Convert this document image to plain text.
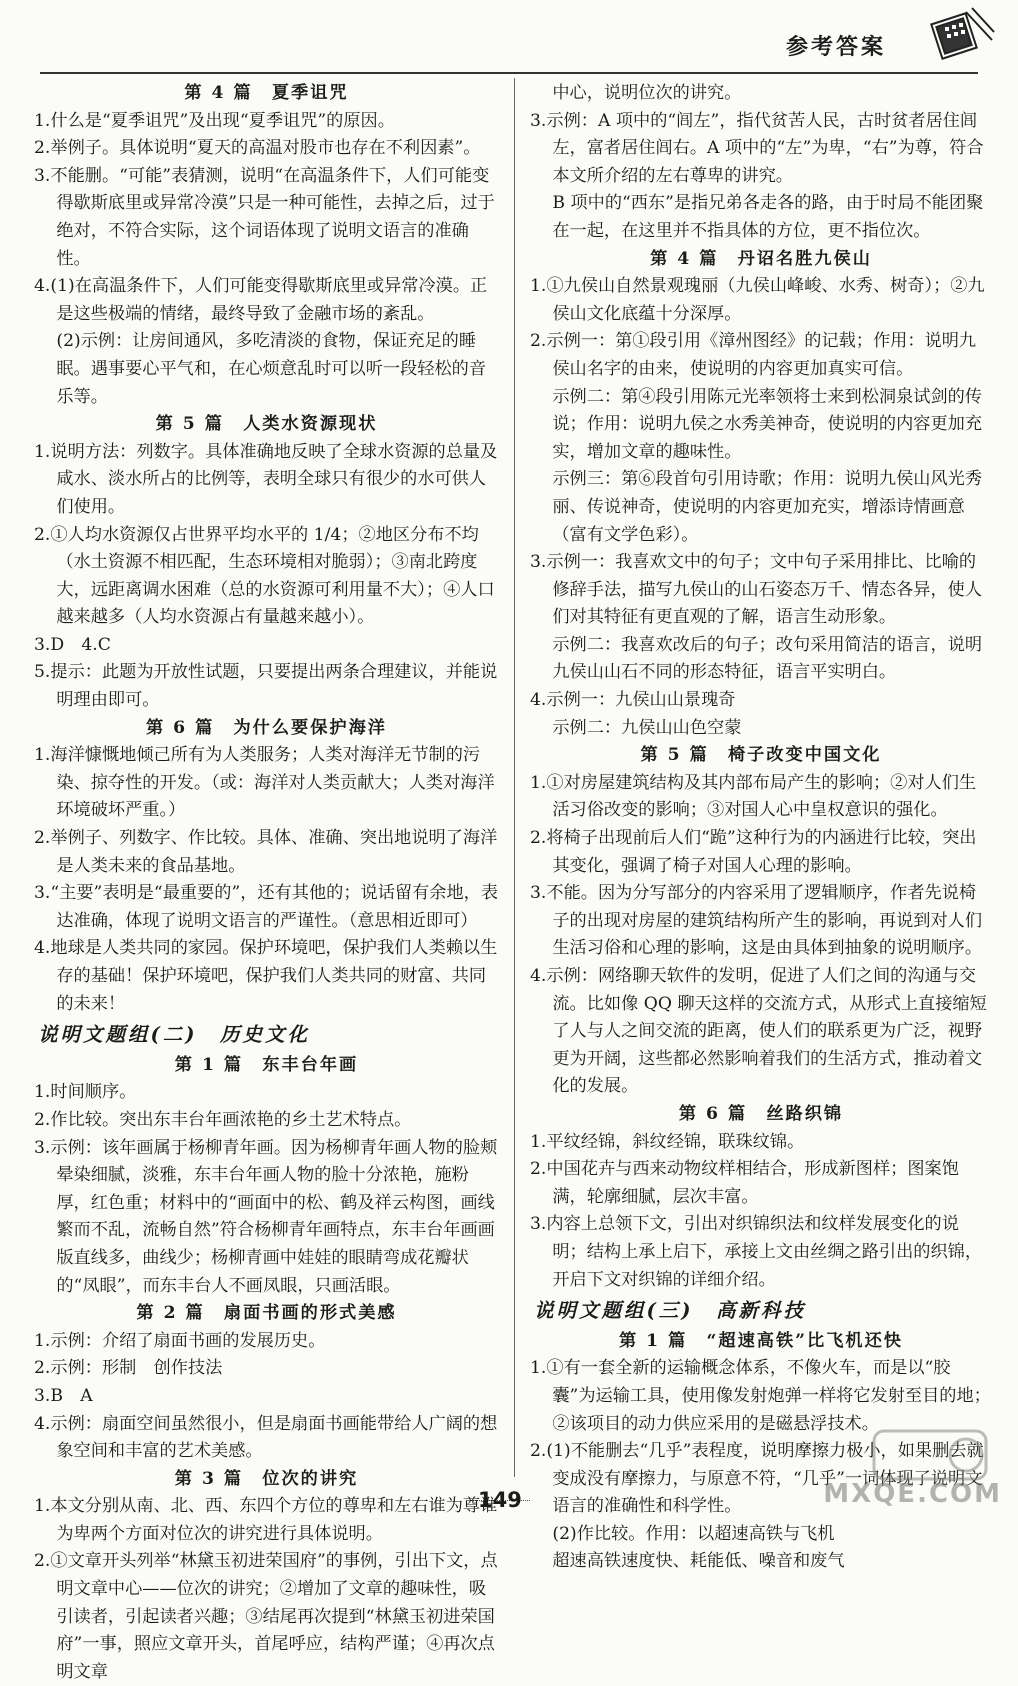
参考答案

第 4 篇　夏季诅咒

1.什么是“夏季诅咒”及出现“夏季诅咒”的原因。

2.举例子。具体说明“夏天的高温对股市也存在不利因素”。

3.不能删。“可能”表猜测，说明“在高温条件下，人们可能变得歇斯底里或异常冷漠”只是一种可能性，去掉之后，过于绝对，不符合实际，这个词语体现了说明文语言的准确性。

4.(1)在高温条件下，人们可能变得歇斯底里或异常冷漠。正是这些极端的情绪，最终导致了金融市场的紊乱。

(2)示例：让房间通风，多吃清淡的食物，保证充足的睡眠。遇事要心平气和，在心烦意乱时可以听一段轻松的音乐等。

第 5 篇　人类水资源现状

1.说明方法：列数字。具体准确地反映了全球水资源的总量及咸水、淡水所占的比例等，表明全球只有很少的水可供人们使用。

2.①人均水资源仅占世界平均水平的 1/4；②地区分布不均（水土资源不相匹配，生态环境相对脆弱）；③南北跨度大，远距离调水困难（总的水资源可利用量不大）；④人口越来越多（人均水资源占有量越来越小）。

3.D　4.C

5.提示：此题为开放性试题，只要提出两条合理建议，并能说明理由即可。

第 6 篇　为什么要保护海洋

1.海洋慷慨地倾己所有为人类服务；人类对海洋无节制的污染、掠夺性的开发。（或：海洋对人类贡献大；人类对海洋环境破坏严重。）

2.举例子、列数字、作比较。具体、准确、突出地说明了海洋是人类未来的食品基地。

3.“主要”表明是“最重要的”，还有其他的；说话留有余地，表达准确，体现了说明文语言的严谨性。（意思相近即可）

4.地球是人类共同的家园。保护环境吧，保护我们人类赖以生存的基础！保护环境吧，保护我们人类共同的财富、共同的未来！

说明文题组(二)　历史文化

第 1 篇　东丰台年画

1.时间顺序。

2.作比较。突出东丰台年画浓艳的乡土艺术特点。

3.示例：该年画属于杨柳青年画。因为杨柳青年画人物的脸颊晕染细腻，淡雅，东丰台年画人物的脸十分浓艳，施粉厚，红色重；材料中的“画面中的松、鹤及祥云构图，画线繁而不乱，流畅自然”符合杨柳青年画特点，东丰台年画画版直线多，曲线少；杨柳青画中娃娃的眼睛弯成花瓣状的“凤眼”，而东丰台人不画凤眼，只画活眼。

第 2 篇　扇面书画的形式美感

1.示例：介绍了扇面书画的发展历史。

2.示例：形制　创作技法

3.B　A

4.示例：扇面空间虽然很小，但是扇面书画能带给人广阔的想象空间和丰富的艺术美感。

第 3 篇　位次的讲究

1.本文分别从南、北、西、东四个方位的尊卑和左右谁为尊谁为卑两个方面对位次的讲究进行具体说明。

2.①文章开头列举“林黛玉初进荣国府”的事例，引出下文，点明文章中心——位次的讲究；②增加了文章的趣味性，吸引读者，引起读者兴趣；③结尾再次提到“林黛玉初进荣国府”一事，照应文章开头，首尾呼应，结构严谨；④再次点明文章

中心，说明位次的讲究。

3.示例：A 项中的“闾左”，指代贫苦人民，古时贫者居住闾左，富者居住闾右。A 项中的“左”为卑，“右”为尊，符合本文所介绍的左右尊卑的讲究。

B 项中的“西东”是指兄弟各走各的路，由于时局不能团聚在一起，在这里并不指具体的方位，更不指位次。

第 4 篇　丹诏名胜九侯山

1.①九侯山自然景观瑰丽（九侯山峰峻、水秀、树奇）；②九侯山文化底蕴十分深厚。

2.示例一：第①段引用《漳州图经》的记载；作用：说明九侯山名字的由来，使说明的内容更加真实可信。

示例二：第④段引用陈元光率领将士来到松洞泉试剑的传说；作用：说明九侯之水秀美神奇，使说明的内容更加充实，增加文章的趣味性。

示例三：第⑥段首句引用诗歌；作用：说明九侯山风光秀丽、传说神奇，使说明的内容更加充实，增添诗情画意（富有文学色彩）。

3.示例一：我喜欢文中的句子；文中句子采用排比、比喻的修辞手法，描写九侯山的山石姿态万千、情态各异，使人们对其特征有更直观的了解，语言生动形象。

示例二：我喜欢改后的句子；改句采用简洁的语言，说明九侯山山石不同的形态特征，语言平实明白。

4.示例一：九侯山山景瑰奇

示例二：九侯山山色空蒙

第 5 篇　椅子改变中国文化

1.①对房屋建筑结构及其内部布局产生的影响；②对人们生活习俗改变的影响；③对国人心中皇权意识的强化。

2.将椅子出现前后人们“跪”这种行为的内涵进行比较，突出其变化，强调了椅子对国人心理的影响。

3.不能。因为分写部分的内容采用了逻辑顺序，作者先说椅子的出现对房屋的建筑结构所产生的影响，再说到对人们生活习俗和心理的影响，这是由具体到抽象的说明顺序。

4.示例：网络聊天软件的发明，促进了人们之间的沟通与交流。比如像 QQ 聊天这样的交流方式，从形式上直接缩短了人与人之间交流的距离，使人们的联系更为广泛，视野更为开阔，这些都必然影响着我们的生活方式，推动着文化的发展。

第 6 篇　丝路织锦

1.平纹经锦，斜纹经锦，联珠纹锦。

2.中国花卉与西来动物纹样相结合，形成新图样；图案饱满，轮廓细腻，层次丰富。

3.内容上总领下文，引出对织锦织法和纹样发展变化的说明；结构上承上启下，承接上文由丝绸之路引出的织锦，开启下文对织锦的详细介绍。

说明文题组(三)　高新科技

第 1 篇　“超速高铁”比飞机还快

1.①有一套全新的运输概念体系，不像火车，而是以“胶囊”为运输工具，使用像发射炮弹一样将它发射至目的地；②该项目的动力供应采用的是磁悬浮技术。

2.(1)不能删去“几乎”表程度，说明摩擦力极小，如果删去就变成没有摩擦力，与原意不符，“几乎”一词体现了说明文语言的准确性和科学性。

(2)作比较。作用：以超速高铁与飞机

超速高铁速度快、耗能低、噪音和废气

149	MXQE.COM
